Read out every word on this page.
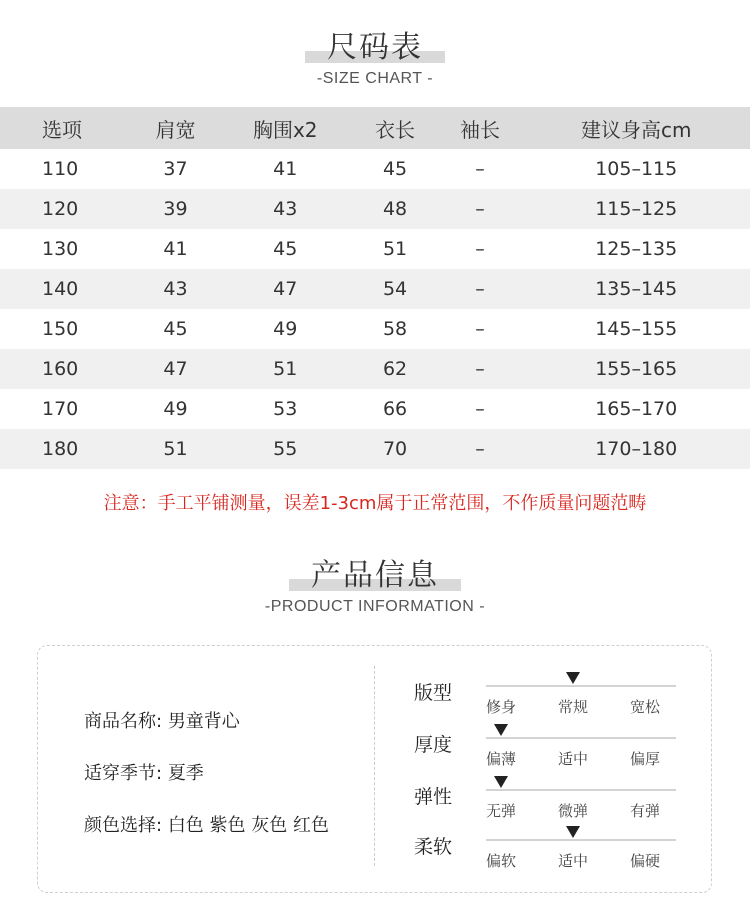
尺码表
-SIZE CHART -
选项	肩宽	胸围x2	衣长	袖长	建议身高cm
110	37	41	45	–	105–115
120	39	43	48	–	115–125
130	41	45	51	–	125–135
140	43	47	54	–	135–145
150	45	49	58	–	145–155
160	47	51	62	–	155–165
170	49	53	66	–	165–170
180	51	55	70	–	170–180
注意：手工平铺测量，误差1-3cm属于正常范围，不作质量问题范畴
产品信息
-PRODUCT INFORMATION -
商品名称: 男童背心
适穿季节: 夏季
颜色选择: 白色 紫色 灰色 红色
版型
修身	常规	宽松
厚度
偏薄	适中	偏厚
弹性
无弹	微弹	有弹
柔软
偏软	适中	偏硬
